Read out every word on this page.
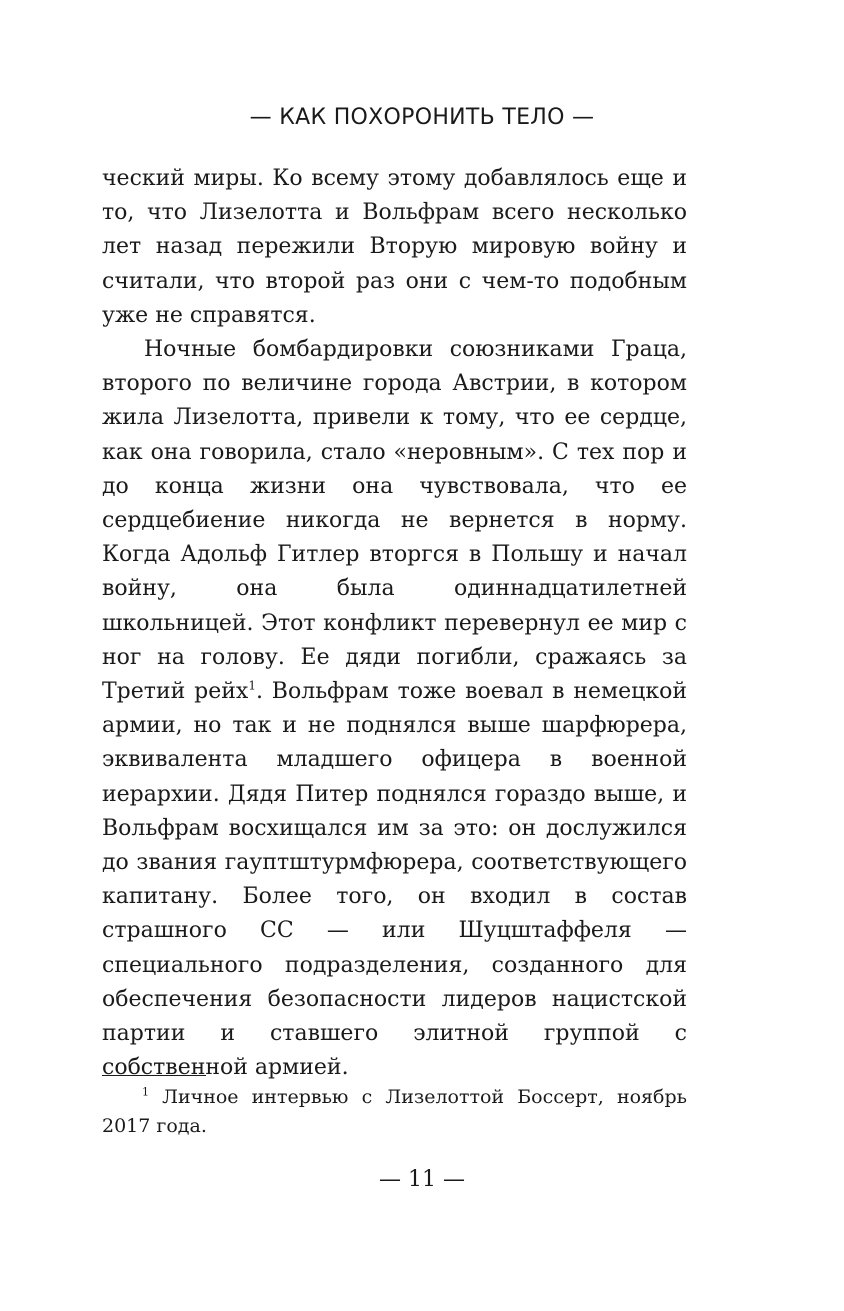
— КАК ПОХОРОНИТЬ ТЕЛО —

ческий миры. Ко всему этому добавлялось еще и то, что Лизелотта и Вольфрам всего несколько лет назад пережили Вторую мировую войну и считали, что второй раз они с чем-то подобным уже не справятся.

Ночные бомбардировки союзниками Граца, второго по величине города Австрии, в котором жила Лизелотта, привели к тому, что ее сердце, как она говорила, стало «неровным». С тех пор и до конца жизни она чувствовала, что ее сердцебиение никогда не вернется в норму. Когда Адольф Гитлер вторгся в Польшу и начал войну, она была одиннадцатилетней школьницей. Этот конфликт перевернул ее мир с ног на голову. Ее дяди погибли, сражаясь за Третий рейх$^1$. Вольфрам тоже воевал в немецкой армии, но так и не поднялся выше шарфюрера, эквивалента младшего офицера в военной иерархии. Дядя Питер поднялся гораздо выше, и Вольфрам восхищался им за это: он дослужился до звания гауптштурмфюрера, соответствующего капитану. Более того, он входил в состав страшного СС — или Шуцштаффеля — специального подразделения, созданного для обеспечения безопасности лидеров нацистской партии и ставшего элитной группой с собственной армией.

$^1$ Личное интервью с Лизелоттой Боссерт, ноябрь 2017 года.
— 11 —
